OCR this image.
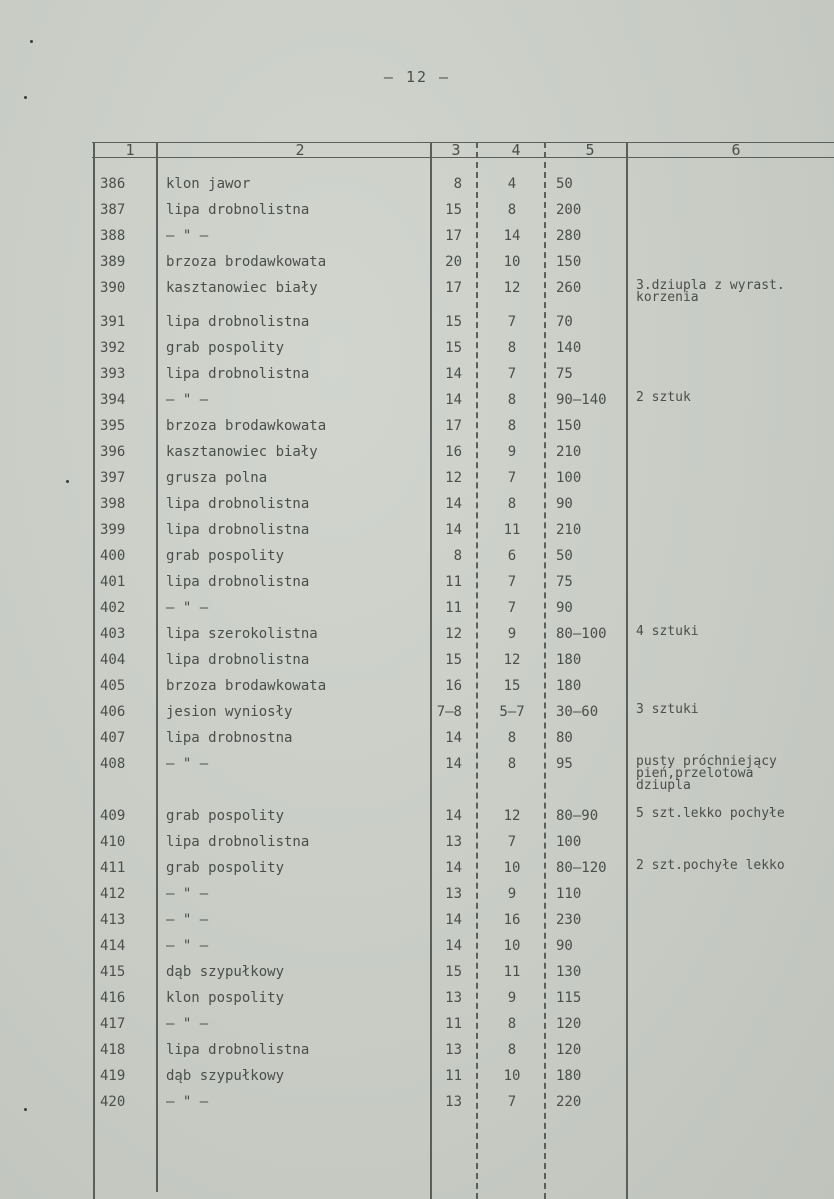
– 12 –
1	2	3	4	5	6
386	klon jawor	8	4	50
387	lipa drobnolistna	15	8	200
388	– " –	17	14	280
389	brzoza brodawkowata	20	10	150
390	kasztanowiec biały	17	12	260	3.dziupla z wyrast.
korzenia
391	lipa drobnolistna	15	7	70
392	grab pospolity	15	8	140
393	lipa drobnolistna	14	7	75
394	– " –	14	8	90–140	2 sztuk
395	brzoza brodawkowata	17	8	150
396	kasztanowiec biały	16	9	210
397	grusza polna	12	7	100
398	lipa drobnolistna	14	8	90
399	lipa drobnolistna	14	11	210
400	grab pospolity	8	6	50
401	lipa drobnolistna	11	7	75
402	– " –	11	7	90
403	lipa szerokolistna	12	9	80–100	4 sztuki
404	lipa drobnolistna	15	12	180
405	brzoza brodawkowata	16	15	180
406	jesion wyniosły	7–8	5–7	30–60	3 sztuki
407	lipa drobnostna	14	8	80
408	– " –	14	8	95	pusty próchniejący
pień,przelotowa
dziupla
409	grab pospolity	14	12	80–90	5 szt.lekko pochyłe
410	lipa drobnolistna	13	7	100
411	grab pospolity	14	10	80–120	2 szt.pochyłe lekko
412	– " –	13	9	110
413	– " –	14	16	230
414	– " –	14	10	90
415	dąb szypułkowy	15	11	130
416	klon pospolity	13	9	115
417	– " –	11	8	120
418	lipa drobnolistna	13	8	120
419	dąb szypułkowy	11	10	180
420	– " –	13	7	220
